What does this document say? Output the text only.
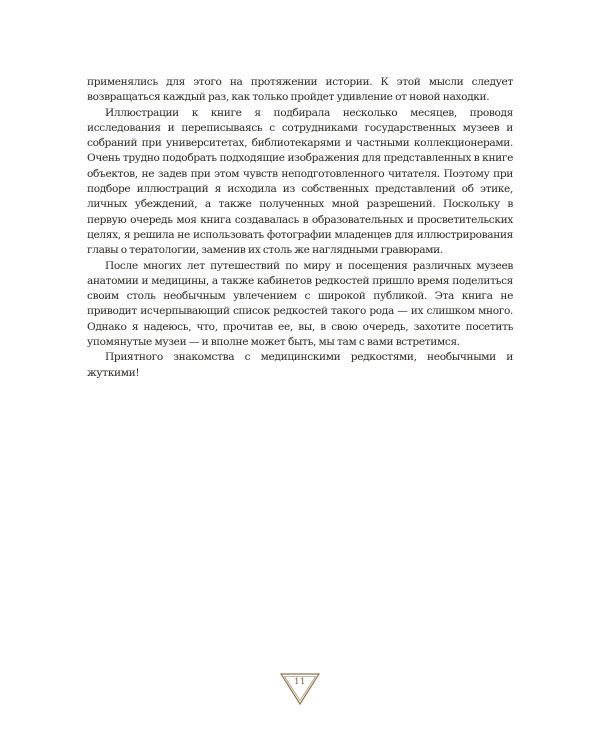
применялись для этого на протяжении истории. К этой мысли следует возвращаться каждый раз, как только пройдет удивление от новой находки.

Иллюстрации к книге я подбирала несколько месяцев, проводя исследования и переписываясь с сотрудниками государственных музеев и собраний при университетах, библиотекарями и частными коллекционерами. Очень трудно подобрать подходящие изображения для представленных в книге объектов, не задев при этом чувств неподготовленного читателя. Поэтому при подборе иллюстраций я исходила из собственных представлений об этике, личных убеждений, а также полученных мной разрешений. Поскольку в первую очередь моя книга создавалась в образовательных и просветительских целях, я решила не использовать фотографии младенцев для иллюстрирования главы о тератологии, заменив их столь же наглядными гравюрами.

После многих лет путешествий по миру и посещения различных музеев анатомии и медицины, а также кабинетов редкостей пришло время поделиться своим столь необычным увлечением с широкой публикой. Эта книга не приводит исчерпывающий список редкостей такого рода — их слишком много. Однако я надеюсь, что, прочитав ее, вы, в свою очередь, захотите посетить упомянутые музеи — и вполне может быть, мы там с вами встретимся.

Приятного знакомства с медицинскими редкостями, необычными и жуткими!

11
